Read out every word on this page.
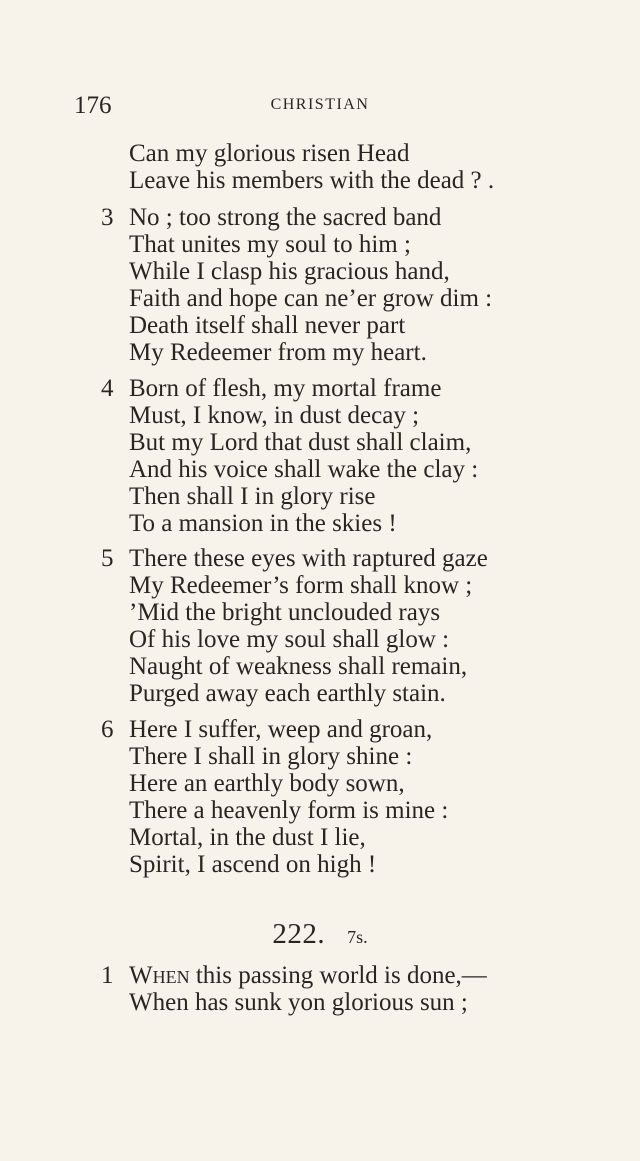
176	CHRISTIAN
Can my glorious risen Head
Leave his members with the dead ? .
3 No ; too strong the sacred band
That unites my soul to him ;
While I clasp his gracious hand,
Faith and hope can ne’er grow dim :
Death itself shall never part
My Redeemer from my heart.
4 Born of flesh, my mortal frame
Must, I know, in dust decay ;
But my Lord that dust shall claim,
And his voice shall wake the clay :
Then shall I in glory rise
To a mansion in the skies !
5 There these eyes with raptured gaze
My Redeemer’s form shall know ;
’Mid the bright unclouded rays
Of his love my soul shall glow :
Naught of weakness shall remain,
Purged away each earthly stain.
6 Here I suffer, weep and groan,
There I shall in glory shine :
Here an earthly body sown,
There a heavenly form is mine :
Mortal, in the dust I lie,
Spirit, I ascend on high !
222. 7s.
1 When this passing world is done,—
When has sunk yon glorious sun ;
